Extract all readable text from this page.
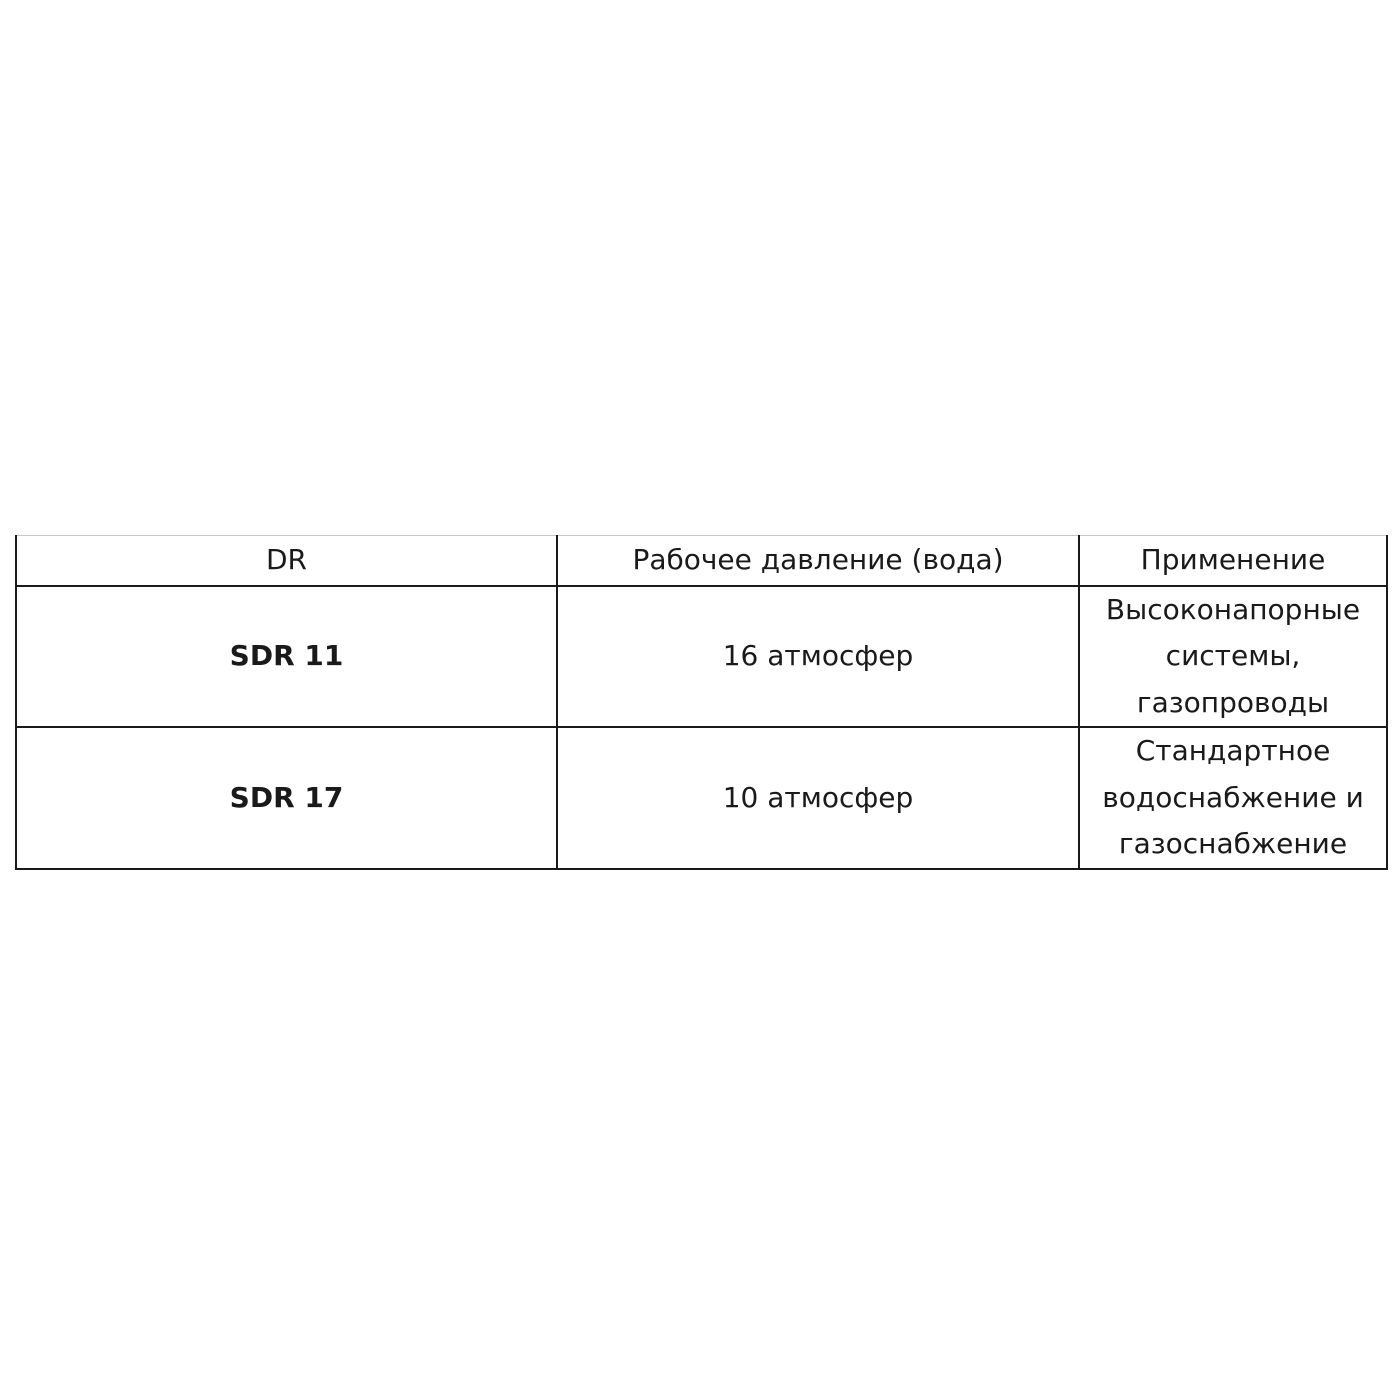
DR	Рабочее давление (вода)	Применение
SDR 11	16 атмосфер	Высоконапорные
системы,
газопроводы
SDR 17	10 атмосфер	Стандартное
водоснабжение и
газоснабжение
